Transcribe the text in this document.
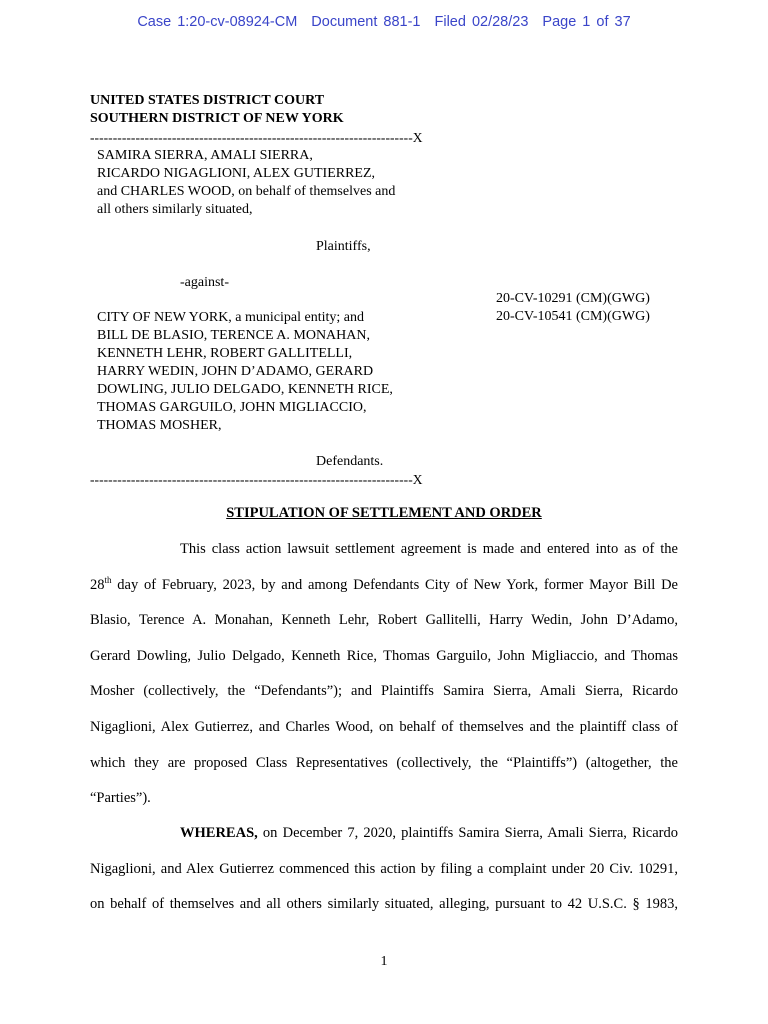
Case 1:20-cv-08924-CM Document 881-1 Filed 02/28/23 Page 1 of 37
UNITED STATES DISTRICT COURT
SOUTHERN DISTRICT OF NEW YORK
-----------------------------------------------------------------------X
SAMIRA SIERRA, AMALI SIERRA,
RICARDO NIGAGLIONI, ALEX GUTIERREZ,
and CHARLES WOOD, on behalf of themselves and
all others similarly situated,
Plaintiffs,
-against-
20-CV-10291 (CM)(GWG)
20-CV-10541 (CM)(GWG)
CITY OF NEW YORK, a municipal entity; and
BILL DE BLASIO, TERENCE A. MONAHAN,
KENNETH LEHR, ROBERT GALLITELLI,
HARRY WEDIN, JOHN D’ADAMO, GERARD
DOWLING, JULIO DELGADO, KENNETH RICE,
THOMAS GARGUILO, JOHN MIGLIACCIO,
THOMAS MOSHER,
Defendants.
-----------------------------------------------------------------------X
STIPULATION OF SETTLEMENT AND ORDER
This class action lawsuit settlement agreement is made and entered into as of the
28th day of February, 2023, by and among Defendants City of New York, former Mayor Bill De
Blasio, Terence A. Monahan, Kenneth Lehr, Robert Gallitelli, Harry Wedin, John D’Adamo,
Gerard Dowling, Julio Delgado, Kenneth Rice, Thomas Garguilo, John Migliaccio, and Thomas
Mosher (collectively, the “Defendants”); and Plaintiffs Samira Sierra, Amali Sierra, Ricardo
Nigaglioni, Alex Gutierrez, and Charles Wood, on behalf of themselves and the plaintiff class of
which they are proposed Class Representatives (collectively, the “Plaintiffs”) (altogether, the
“Parties”).
WHEREAS, on December 7, 2020, plaintiffs Samira Sierra, Amali Sierra, Ricardo
Nigaglioni, and Alex Gutierrez commenced this action by filing a complaint under 20 Civ. 10291,
on behalf of themselves and all others similarly situated, alleging, pursuant to 42 U.S.C. § 1983,
1
